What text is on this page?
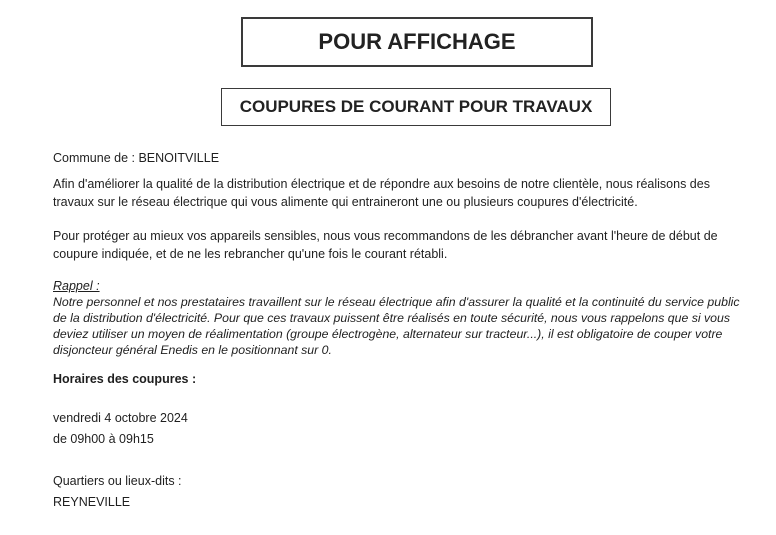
POUR AFFICHAGE
COUPURES DE COURANT POUR TRAVAUX
Commune de : BENOITVILLE
Afin d'améliorer la qualité de la distribution électrique et de répondre aux besoins de notre clientèle, nous réalisons des travaux sur le réseau électrique qui vous alimente qui entraineront une ou plusieurs coupures d'électricité.
Pour protéger au mieux vos appareils sensibles, nous vous recommandons de les débrancher avant l'heure de début de coupure indiquée, et de ne les rebrancher qu'une fois le courant rétabli.
Rappel :
Notre personnel et nos prestataires travaillent sur le réseau électrique afin d'assurer la qualité et la continuité du service public de la distribution d'électricité. Pour que ces travaux puissent être réalisés en toute sécurité, nous vous rappelons que si vous deviez utiliser un moyen de réalimentation (groupe électrogène, alternateur sur tracteur...), il est obligatoire de couper votre disjoncteur général Enedis en le positionnant sur 0.
Horaires des coupures :
vendredi 4 octobre 2024
de 09h00 à 09h15
Quartiers ou lieux-dits :
REYNEVILLE
